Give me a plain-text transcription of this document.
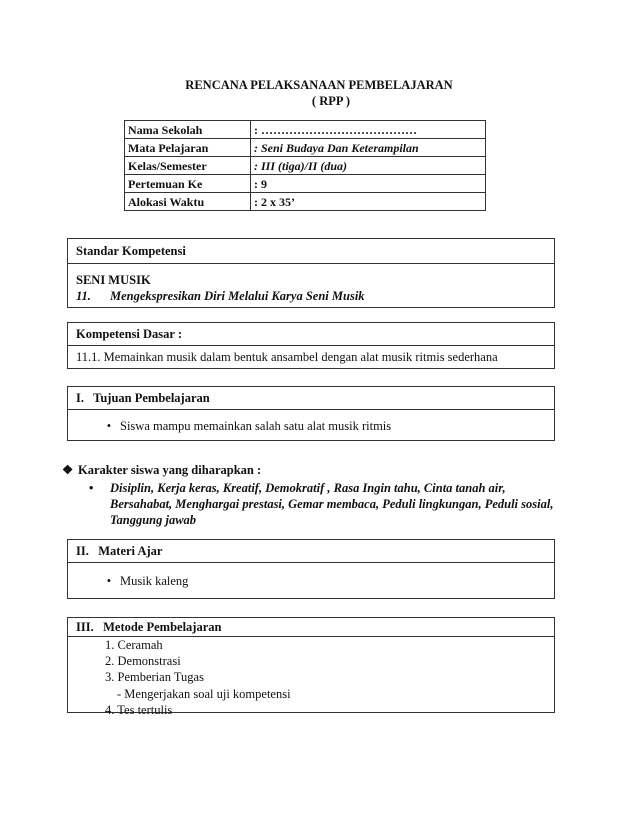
RENCANA PELAKSANAAN PEMBELAJARAN
( RPP )
Nama Sekolah	: …………………………………
Mata Pelajaran	: Seni Budaya Dan Keterampilan
Kelas/Semester	: III (tiga)/II (dua)
Pertemuan Ke	: 9
Alokasi Waktu	: 2 x 35’
Standar Kompetensi
SENI MUSIK
11. Mengekspresikan Diri Melalui Karya Seni Musik
Kompetensi Dasar :
11.1. Memainkan musik dalam bentuk ansambel dengan alat musik ritmis sederhana
I.   Tujuan Pembelajaran
• Siswa mampu memainkan salah satu alat musik ritmis
❖ Karakter siswa yang diharapkan :
•	Disiplin, Kerja keras, Kreatif, Demokratif , Rasa Ingin tahu, Cinta tanah air,
Bersahabat, Menghargai prestasi, Gemar membaca, Peduli lingkungan, Peduli sosial,
Tanggung jawab
II.   Materi Ajar
• Musik kaleng
III.   Metode Pembelajaran
1. Ceramah
2. Demonstrasi
3. Pemberian Tugas
- Mengerjakan soal uji kompetensi
4. Tes tertulis
